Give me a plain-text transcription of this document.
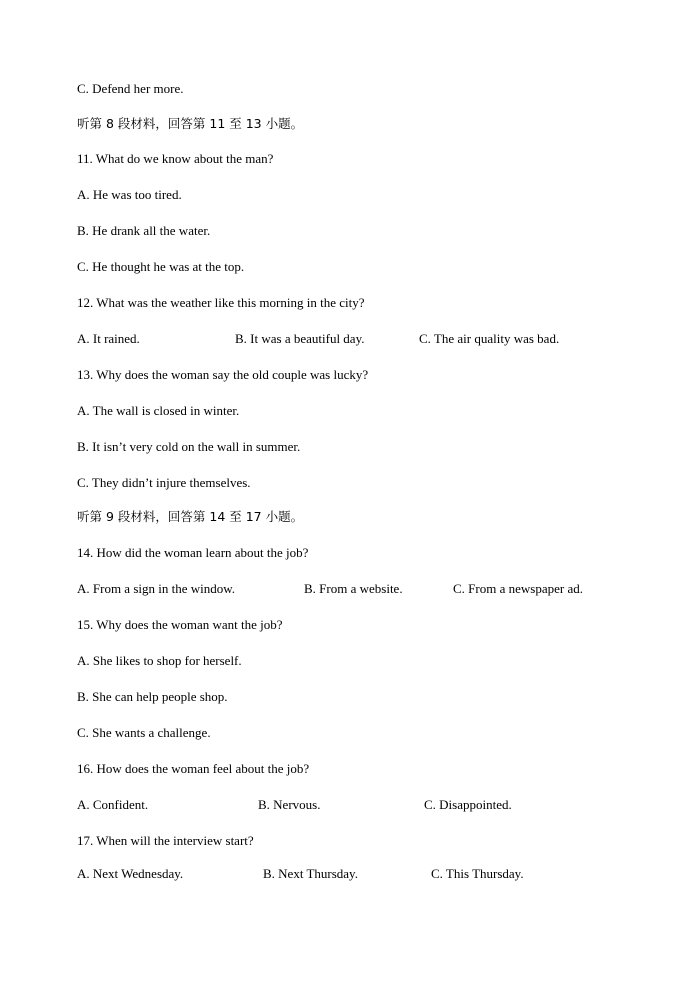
C. Defend her more.
听第 8 段材料，回答第 11 至 13 小题。
11. What do we know about the man?
A. He was too tired.
B. He drank all the water.
C. He thought he was at the top.
12. What was the weather like this morning in the city?
A. It rained.	B. It was a beautiful day.	C. The air quality was bad.
13. Why does the woman say the old couple was lucky?
A. The wall is closed in winter.
B. It isn’t very cold on the wall in summer.
C. They didn’t injure themselves.
听第 9 段材料，回答第 14 至 17 小题。
14. How did the woman learn about the job?
A. From a sign in the window.	B. From a website.	C. From a newspaper ad.
15. Why does the woman want the job?
A. She likes to shop for herself.
B. She can help people shop.
C. She wants a challenge.
16. How does the woman feel about the job?
A. Confident.	B. Nervous.	C. Disappointed.
17. When will the interview start?
A. Next Wednesday.	B. Next Thursday.	C. This Thursday.
